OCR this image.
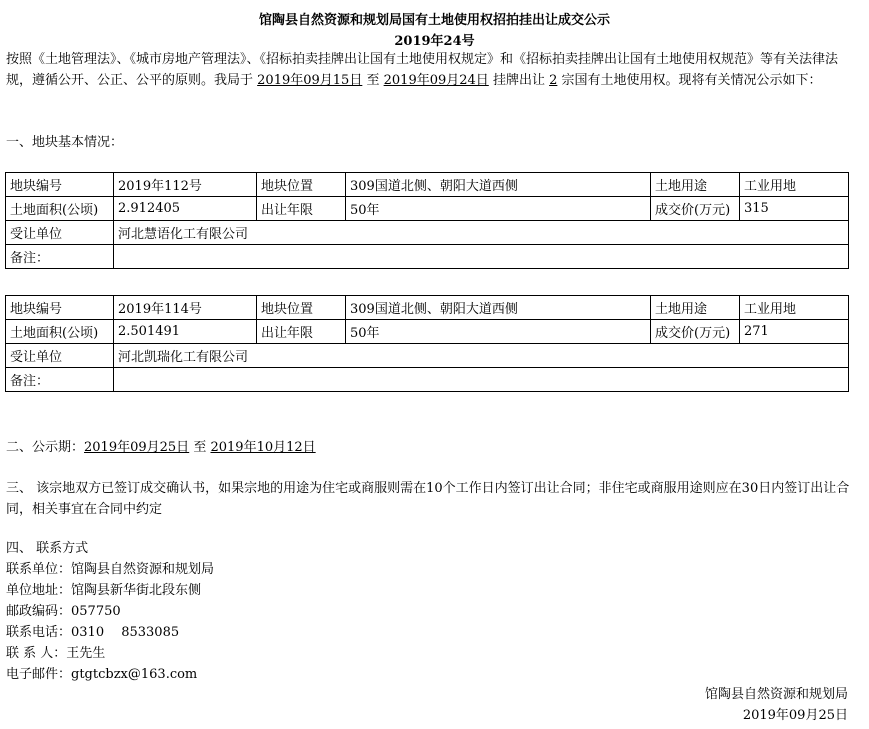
馆陶县自然资源和规划局国有土地使用权招拍挂出让成交公示
2019年24号
按照《土地管理法》、《城市房地产管理法》、《招标拍卖挂牌出让国有土地使用权规定》和《招标拍卖挂牌出让国有土地使用权规范》等有关法律法规，遵循公开、公正、公平的原则。我局于 2019年09月15日 至 2019年09月24日 挂牌出让 2 宗国有土地使用权。现将有关情况公示如下：
一、地块基本情况：
地块编号	2019年112号	地块位置	309国道北侧、朝阳大道西侧	土地用途	工业用地
土地面积(公顷)	2.912405	出让年限	50年	成交价(万元)	315
受让单位	河北慧语化工有限公司				
备注：					
地块编号	2019年114号	地块位置	309国道北侧、朝阳大道西侧	土地用途	工业用地
土地面积(公顷)	2.501491	出让年限	50年	成交价(万元)	271
受让单位	河北凯瑞化工有限公司				
备注：					
二、公示期：2019年09月25日 至 2019年10月12日
三、 该宗地双方已签订成交确认书，如果宗地的用途为住宅或商服则需在10个工作日内签订出让合同；非住宅或商服用途则应在30日内签订出让合同，相关事宜在合同中约定
四、 联系方式
联系单位：馆陶县自然资源和规划局
单位地址：馆陶县新华街北段东侧
邮政编码：057750
联系电话：0310　 8533085
联 系 人：王先生
电子邮件：gtgtcbzx@163.com
馆陶县自然资源和规划局
2019年09月25日
